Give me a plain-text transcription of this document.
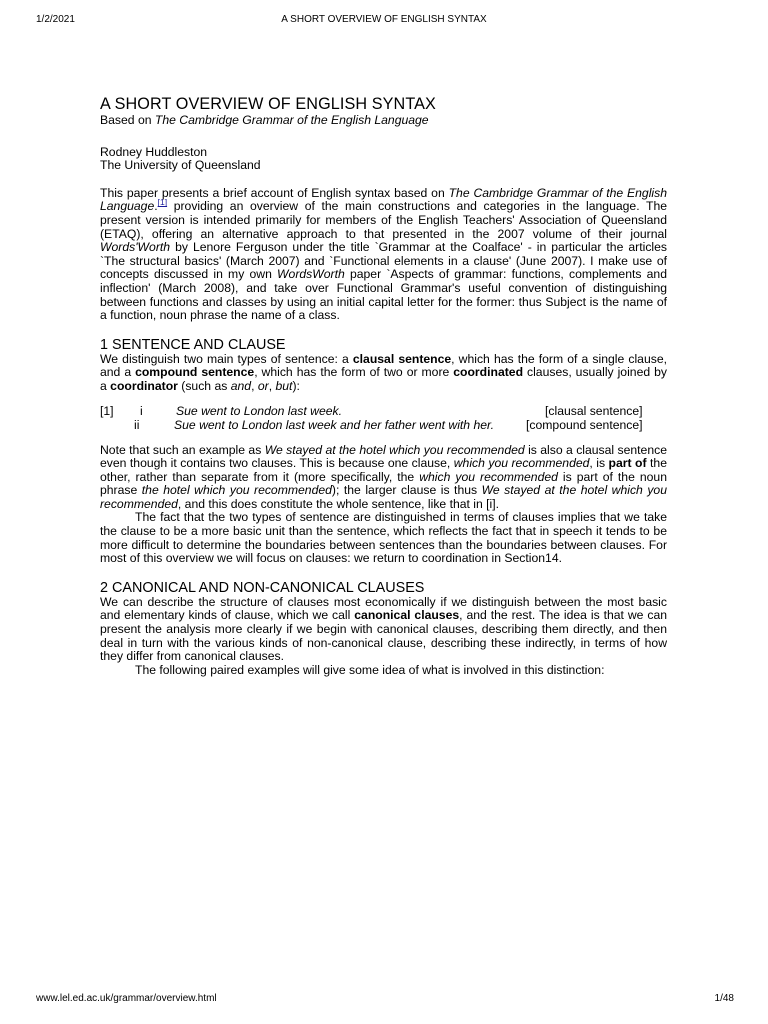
1/2/2021	A SHORT OVERVIEW OF ENGLISH SYNTAX
A SHORT OVERVIEW OF ENGLISH SYNTAX

Based on The Cambridge Grammar of the English Language

Rodney Huddleston

The University of Queensland

This paper presents a brief account of English syntax based on The Cambridge Grammar of the English Language.[1] providing an overview of the main constructions and categories in the language. The present version is intended primarily for members of the English Teachers' Association of Queensland (ETAQ), offering an alternative approach to that presented in the 2007 volume of their journal Words'Worth by Lenore Ferguson under the title `Grammar at the Coalface' - in particular the articles `The structural basics' (March 2007) and `Functional elements in a clause' (June 2007). I make use of concepts discussed in my own WordsWorth paper `Aspects of grammar: functions, complements and inflection' (March 2008), and take over Functional Grammar's useful convention of distinguishing between functions and classes by using an initial capital letter for the former: thus Subject is the name of a function, noun phrase the name of a class.

1 SENTENCE AND CLAUSE

We distinguish two main types of sentence: a clausal sentence, which has the form of a single clause, and a compound sentence, which has the form of two or more coordinated clauses, usually joined by a coordinator (such as and, or, but):

[1] i	Sue went to London last week.	[clausal sentence]
ii	Sue went to London last week and her father went with her.	[compound sentence]

Note that such an example as We stayed at the hotel which you recommended is also a clausal sentence even though it contains two clauses. This is because one clause, which you recommended, is part of the other, rather than separate from it (more specifically, the which you recommended is part of the noun phrase the hotel which you recommended); the larger clause is thus We stayed at the hotel which you recommended, and this does constitute the whole sentence, like that in [i].

The fact that the two types of sentence are distinguished in terms of clauses implies that we take the clause to be a more basic unit than the sentence, which reflects the fact that in speech it tends to be more difficult to determine the boundaries between sentences than the boundaries between clauses. For most of this overview we will focus on clauses: we return to coordination in Section14.

2 CANONICAL AND NON-CANONICAL CLAUSES

We can describe the structure of clauses most economically if we distinguish between the most basic and elementary kinds of clause, which we call canonical clauses, and the rest. The idea is that we can present the analysis more clearly if we begin with canonical clauses, describing them directly, and then deal in turn with the various kinds of non-canonical clause, describing these indirectly, in terms of how they differ from canonical clauses.

The following paired examples will give some idea of what is involved in this distinction:

www.lel.ed.ac.uk/grammar/overview.html	1/48
